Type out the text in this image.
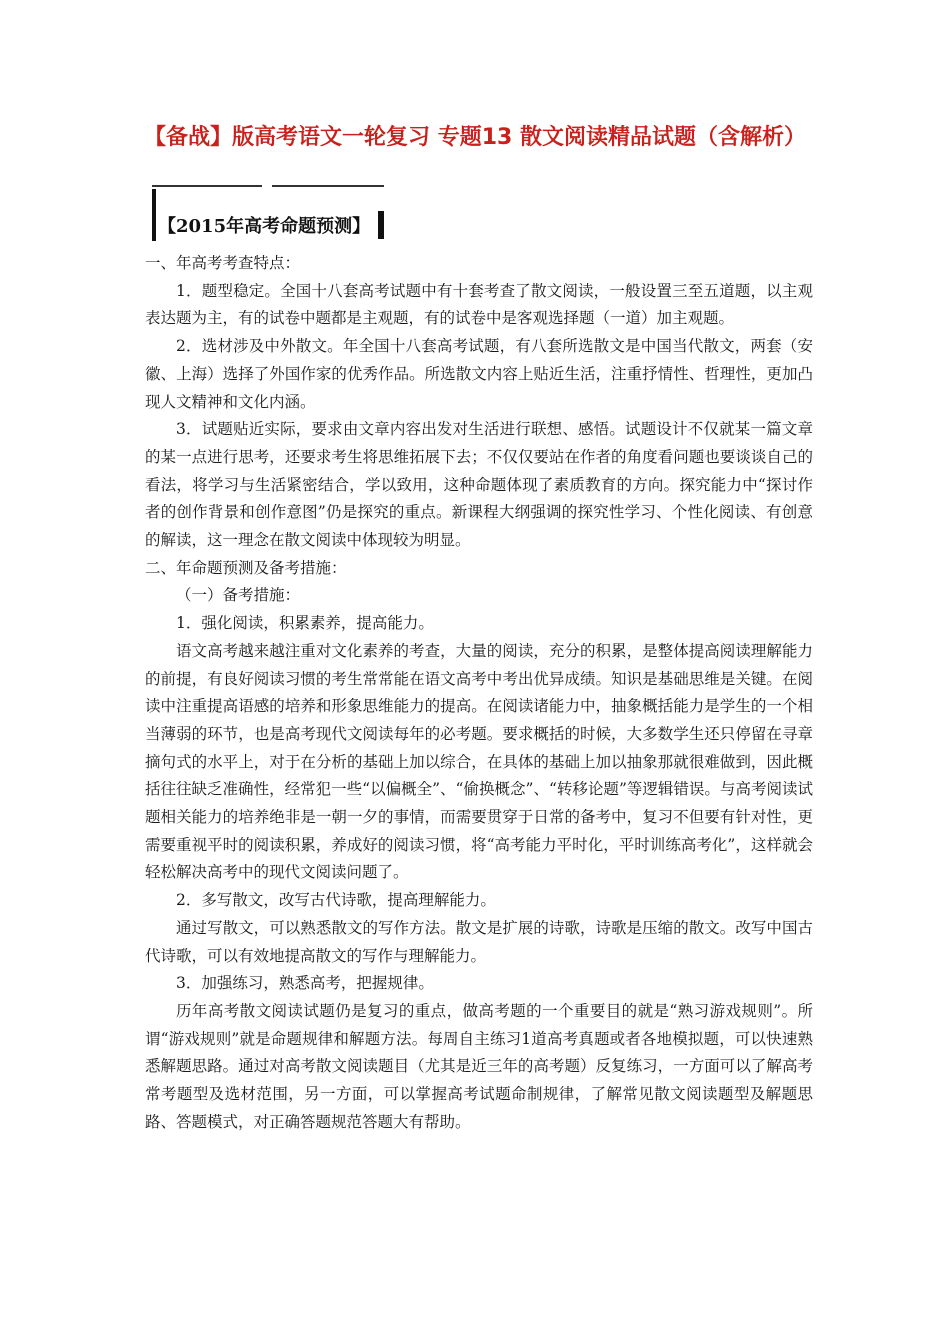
【备战】版高考语文一轮复习 专题13 散文阅读精品试题（含解析）
【2015年高考命题预测】

一、年高考考查特点：

1．题型稳定。全国十八套高考试题中有十套考查了散文阅读，一般设置三至五道题，以主观表达题为主，有的试卷中题都是主观题，有的试卷中是客观选择题（一道）加主观题。

2．选材涉及中外散文。年全国十八套高考试题，有八套所选散文是中国当代散文，两套（安徽、上海）选择了外国作家的优秀作品。所选散文内容上贴近生活，注重抒情性、哲理性，更加凸现人文精神和文化内涵。

3．试题贴近实际，要求由文章内容出发对生活进行联想、感悟。试题设计不仅就某一篇文章的某一点进行思考，还要求考生将思维拓展下去；不仅仅要站在作者的角度看问题也要谈谈自己的看法，将学习与生活紧密结合，学以致用，这种命题体现了素质教育的方向。探究能力中“探讨作者的创作背景和创作意图”仍是探究的重点。新课程大纲强调的探究性学习、个性化阅读、有创意的解读，这一理念在散文阅读中体现较为明显。

二、年命题预测及备考措施：

（一）备考措施：

1．强化阅读，积累素养，提高能力。

语文高考越来越注重对文化素养的考查，大量的阅读，充分的积累，是整体提高阅读理解能力的前提，有良好阅读习惯的考生常常能在语文高考中考出优异成绩。知识是基础思维是关键。在阅读中注重提高语感的培养和形象思维能力的提高。在阅读诸能力中，抽象概括能力是学生的一个相当薄弱的环节，也是高考现代文阅读每年的必考题。要求概括的时候，大多数学生还只停留在寻章摘句式的水平上，对于在分析的基础上加以综合，在具体的基础上加以抽象那就很难做到，因此概括往往缺乏准确性，经常犯一些“以偏概全”、“偷换概念”、“转移论题”等逻辑错误。与高考阅读试题相关能力的培养绝非是一朝一夕的事情，而需要贯穿于日常的备考中，复习不但要有针对性，更需要重视平时的阅读积累，养成好的阅读习惯，将“高考能力平时化，平时训练高考化”，这样就会轻松解决高考中的现代文阅读问题了。

2．多写散文，改写古代诗歌，提高理解能力。

通过写散文，可以熟悉散文的写作方法。散文是扩展的诗歌，诗歌是压缩的散文。改写中国古代诗歌，可以有效地提高散文的写作与理解能力。

3．加强练习，熟悉高考，把握规律。

历年高考散文阅读试题仍是复习的重点，做高考题的一个重要目的就是“熟习游戏规则”。所谓“游戏规则”就是命题规律和解题方法。每周自主练习1道高考真题或者各地模拟题，可以快速熟悉解题思路。通过对高考散文阅读题目（尤其是近三年的高考题）反复练习，一方面可以了解高考常考题型及选材范围，另一方面，可以掌握高考试题命制规律，了解常见散文阅读题型及解题思路、答题模式，对正确答题规范答题大有帮助。
